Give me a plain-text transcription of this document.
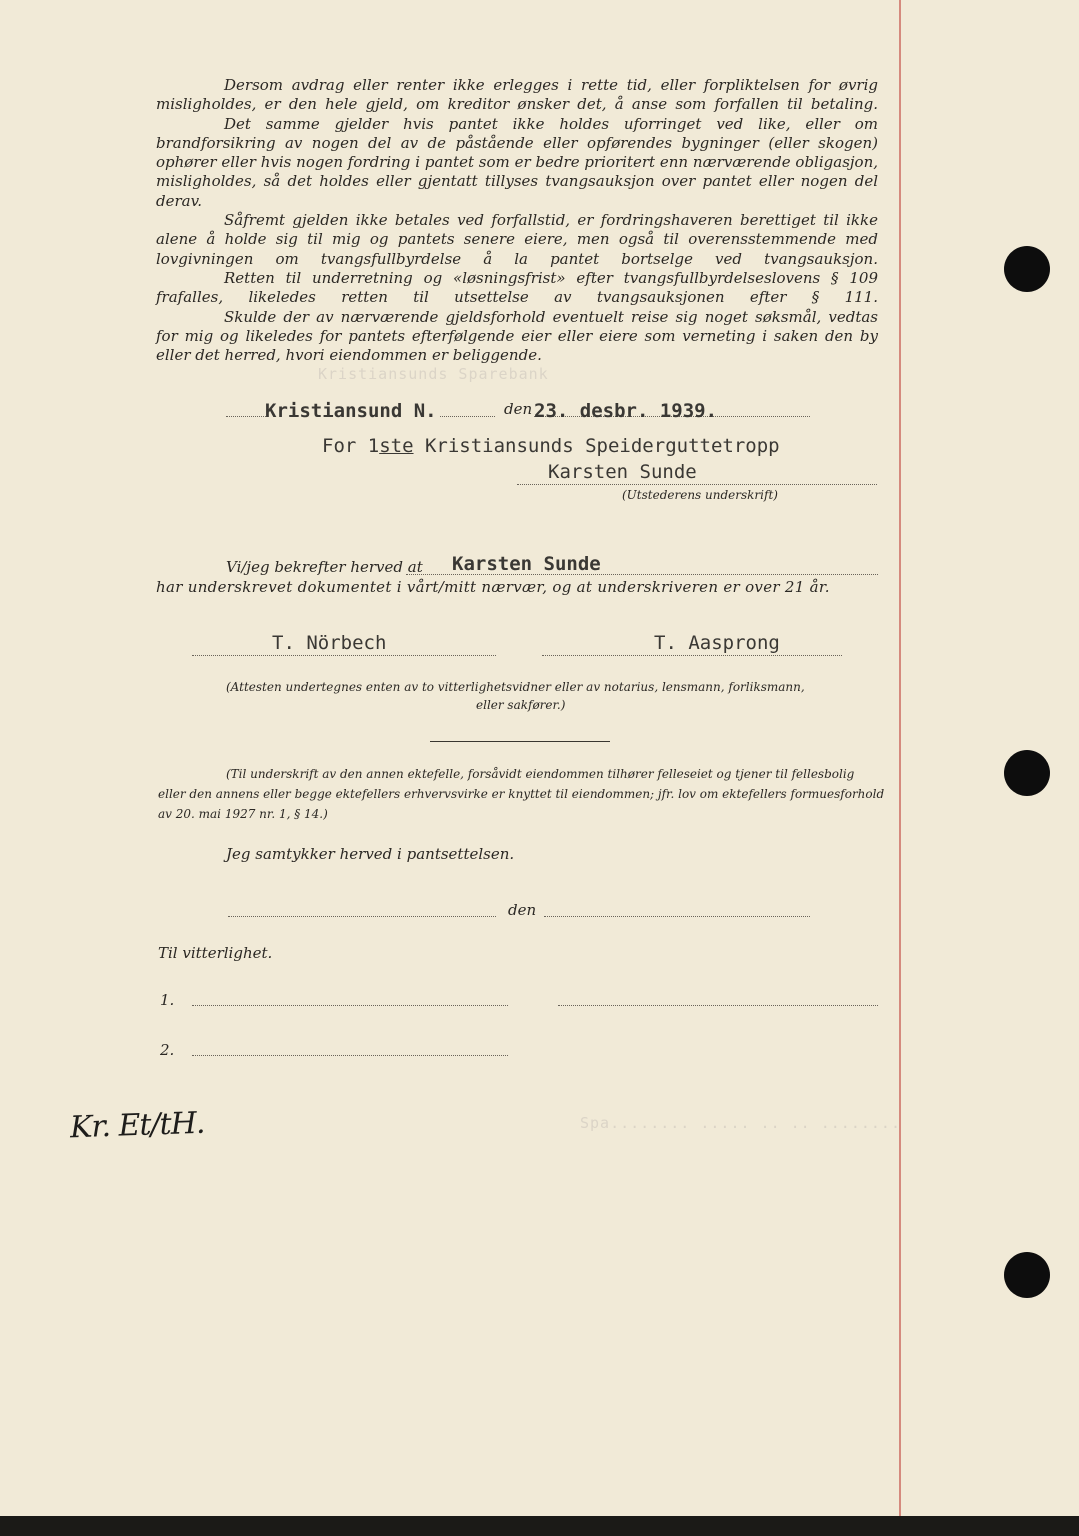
Dersom avdrag eller renter ikke erlegges i rette tid, eller forpliktelsen for øvrig misligholdes, er den hele gjeld, om kreditor ønsker det, å anse som forfallen til betaling.

Det samme gjelder hvis pantet ikke holdes uforringet ved like, eller om brandforsikring av nogen del av de påstående eller opførendes bygninger (eller skogen) ophører eller hvis nogen fordring i pantet som er bedre prioritert enn nærværende obligasjon, misligholdes, så det holdes eller gjentatt tillyses tvangsauksjon over pantet eller nogen del derav.

Såfremt gjelden ikke betales ved forfallstid, er fordringshaveren berettiget til ikke alene å holde sig til mig og pantets senere eiere, men også til overensstemmende med lovgivningen om tvangsfullbyrdelse å la pantet bortselge ved tvangsauksjon.

Retten til underretning og «løsningsfrist» efter tvangsfullbyrdelseslovens § 109 frafalles, likeledes retten til utsettelse av tvangsauksjonen efter § 111.

Skulde der av nærværende gjeldsforhold eventuelt reise sig noget søksmål, vedtas for mig og likeledes for pantets efterfølgende eier eller eiere som verneting i saken den by eller det herred, hvori eiendommen er beliggende.

Kristiansunds Sparebank
Spa........ ..... .. .. ........
Kristiansund N.	den 23. desbr. 1939.
For 1ste Kristiansunds Speiderguttetropp
Karsten Sunde
(Utstederens underskrift)
Vi/jeg bekrefter herved at Karsten Sunde
har underskrevet dokumentet i vårt/mitt nærvær, og at underskriveren er over 21 år.
T. Nörbech	T. Aasprong
(Attesten undertegnes enten av to vitterlighetsvidner eller av notarius, lensmann, forliksmann,
eller sakfører.)
(Til underskrift av den annen ektefelle, forsåvidt eiendommen tilhører felleseiet og tjener til fellesbolig
eller den annens eller begge ektefellers erhvervsvirke er knyttet til eiendommen; jfr. lov om ektefellers formuesforhold
av 20. mai 1927 nr. 1, § 14.)
Jeg samtykker herved i pantsettelsen.
den
Til vitterlighet.
1.
2.
Kr. Et/tH.
